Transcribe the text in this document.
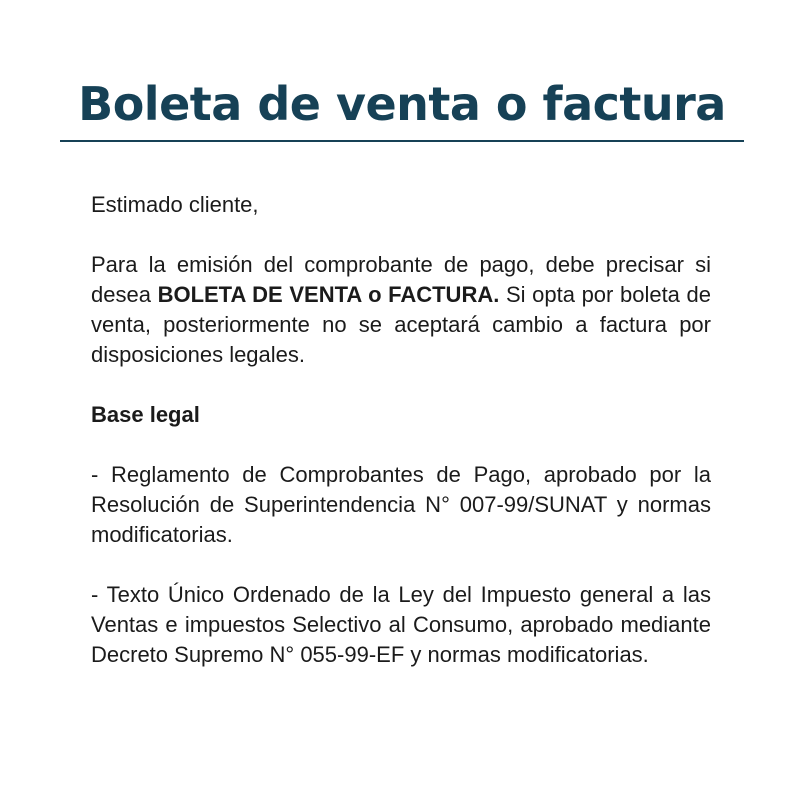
Boleta de venta o factura

Estimado cliente,

Para la emisión del comprobante de pago, debe precisar si desea BOLETA DE VENTA o FACTURA. Si opta por boleta de venta, posteriormente no se aceptará cambio a factura por disposiciones legales.

Base legal

- Reglamento de Comprobantes de Pago, aprobado por la Resolución de Superintendencia N° 007-99/SUNAT y normas modificatorias.

- Texto Único Ordenado de la Ley del Impuesto general a las Ventas e impuestos Selectivo al Consumo, aprobado mediante Decreto Supremo N° 055-99-EF y normas modificatorias.
